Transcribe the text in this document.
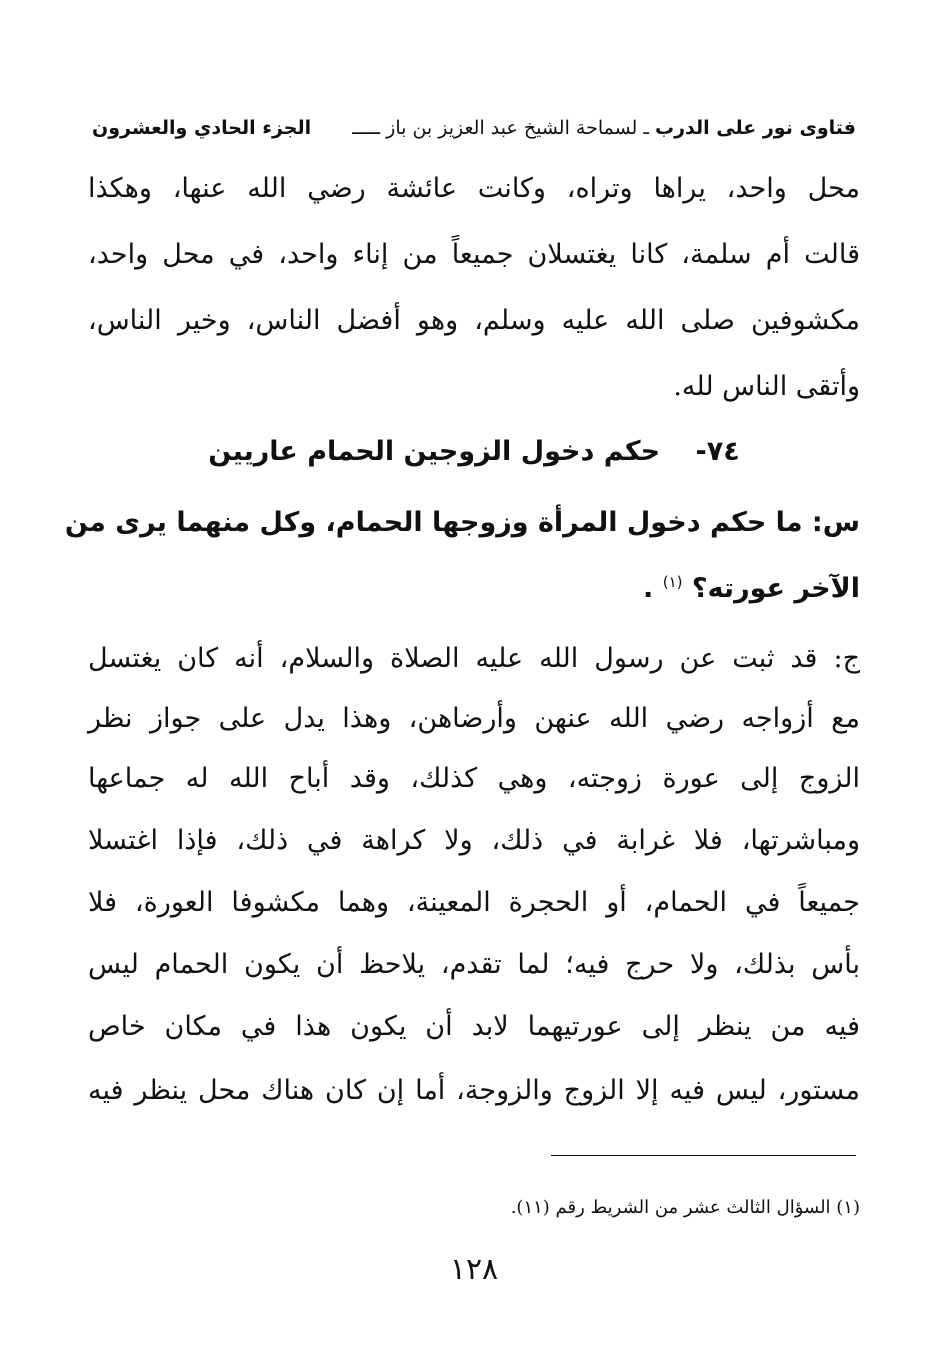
فتاوى نور على الدرب ـ لسماحة الشيخ عبد العزيز بن باز ـــــ
الجزء الحادي والعشرون
محل واحد، يراها وتراه، وكانت عائشة رضي الله عنها، وهكذا
قالت أم سلمة، كانا يغتسلان جميعاً من إناء واحد، في محل واحد،
مكشوفين صلى الله عليه وسلم، وهو أفضل الناس، وخير الناس،
وأتقى الناس لله.
٧٤- حكم دخول الزوجين الحمام عاريين
س: ما حكم دخول المرأة وزوجها الحمام، وكل منهما يرى من
الآخر عورته؟ $^{(١)}$ .
ج: قد ثبت عن رسول الله عليه الصلاة والسلام، أنه كان يغتسل
مع أزواجه رضي الله عنهن وأرضاهن، وهذا يدل على جواز نظر
الزوج إلى عورة زوجته، وهي كذلك، وقد أباح الله له جماعها
ومباشرتها، فلا غرابة في ذلك، ولا كراهة في ذلك، فإذا اغتسلا
جميعاً في الحمام، أو الحجرة المعينة، وهما مكشوفا العورة، فلا
بأس بذلك، ولا حرج فيه؛ لما تقدم، يلاحظ أن يكون الحمام ليس
فيه من ينظر إلى عورتيهما لابد أن يكون هذا في مكان خاص
مستور، ليس فيه إلا الزوج والزوجة، أما إن كان هناك محل ينظر فيه
(١) السؤال الثالث عشر من الشريط رقم (١١).
١٢٨
